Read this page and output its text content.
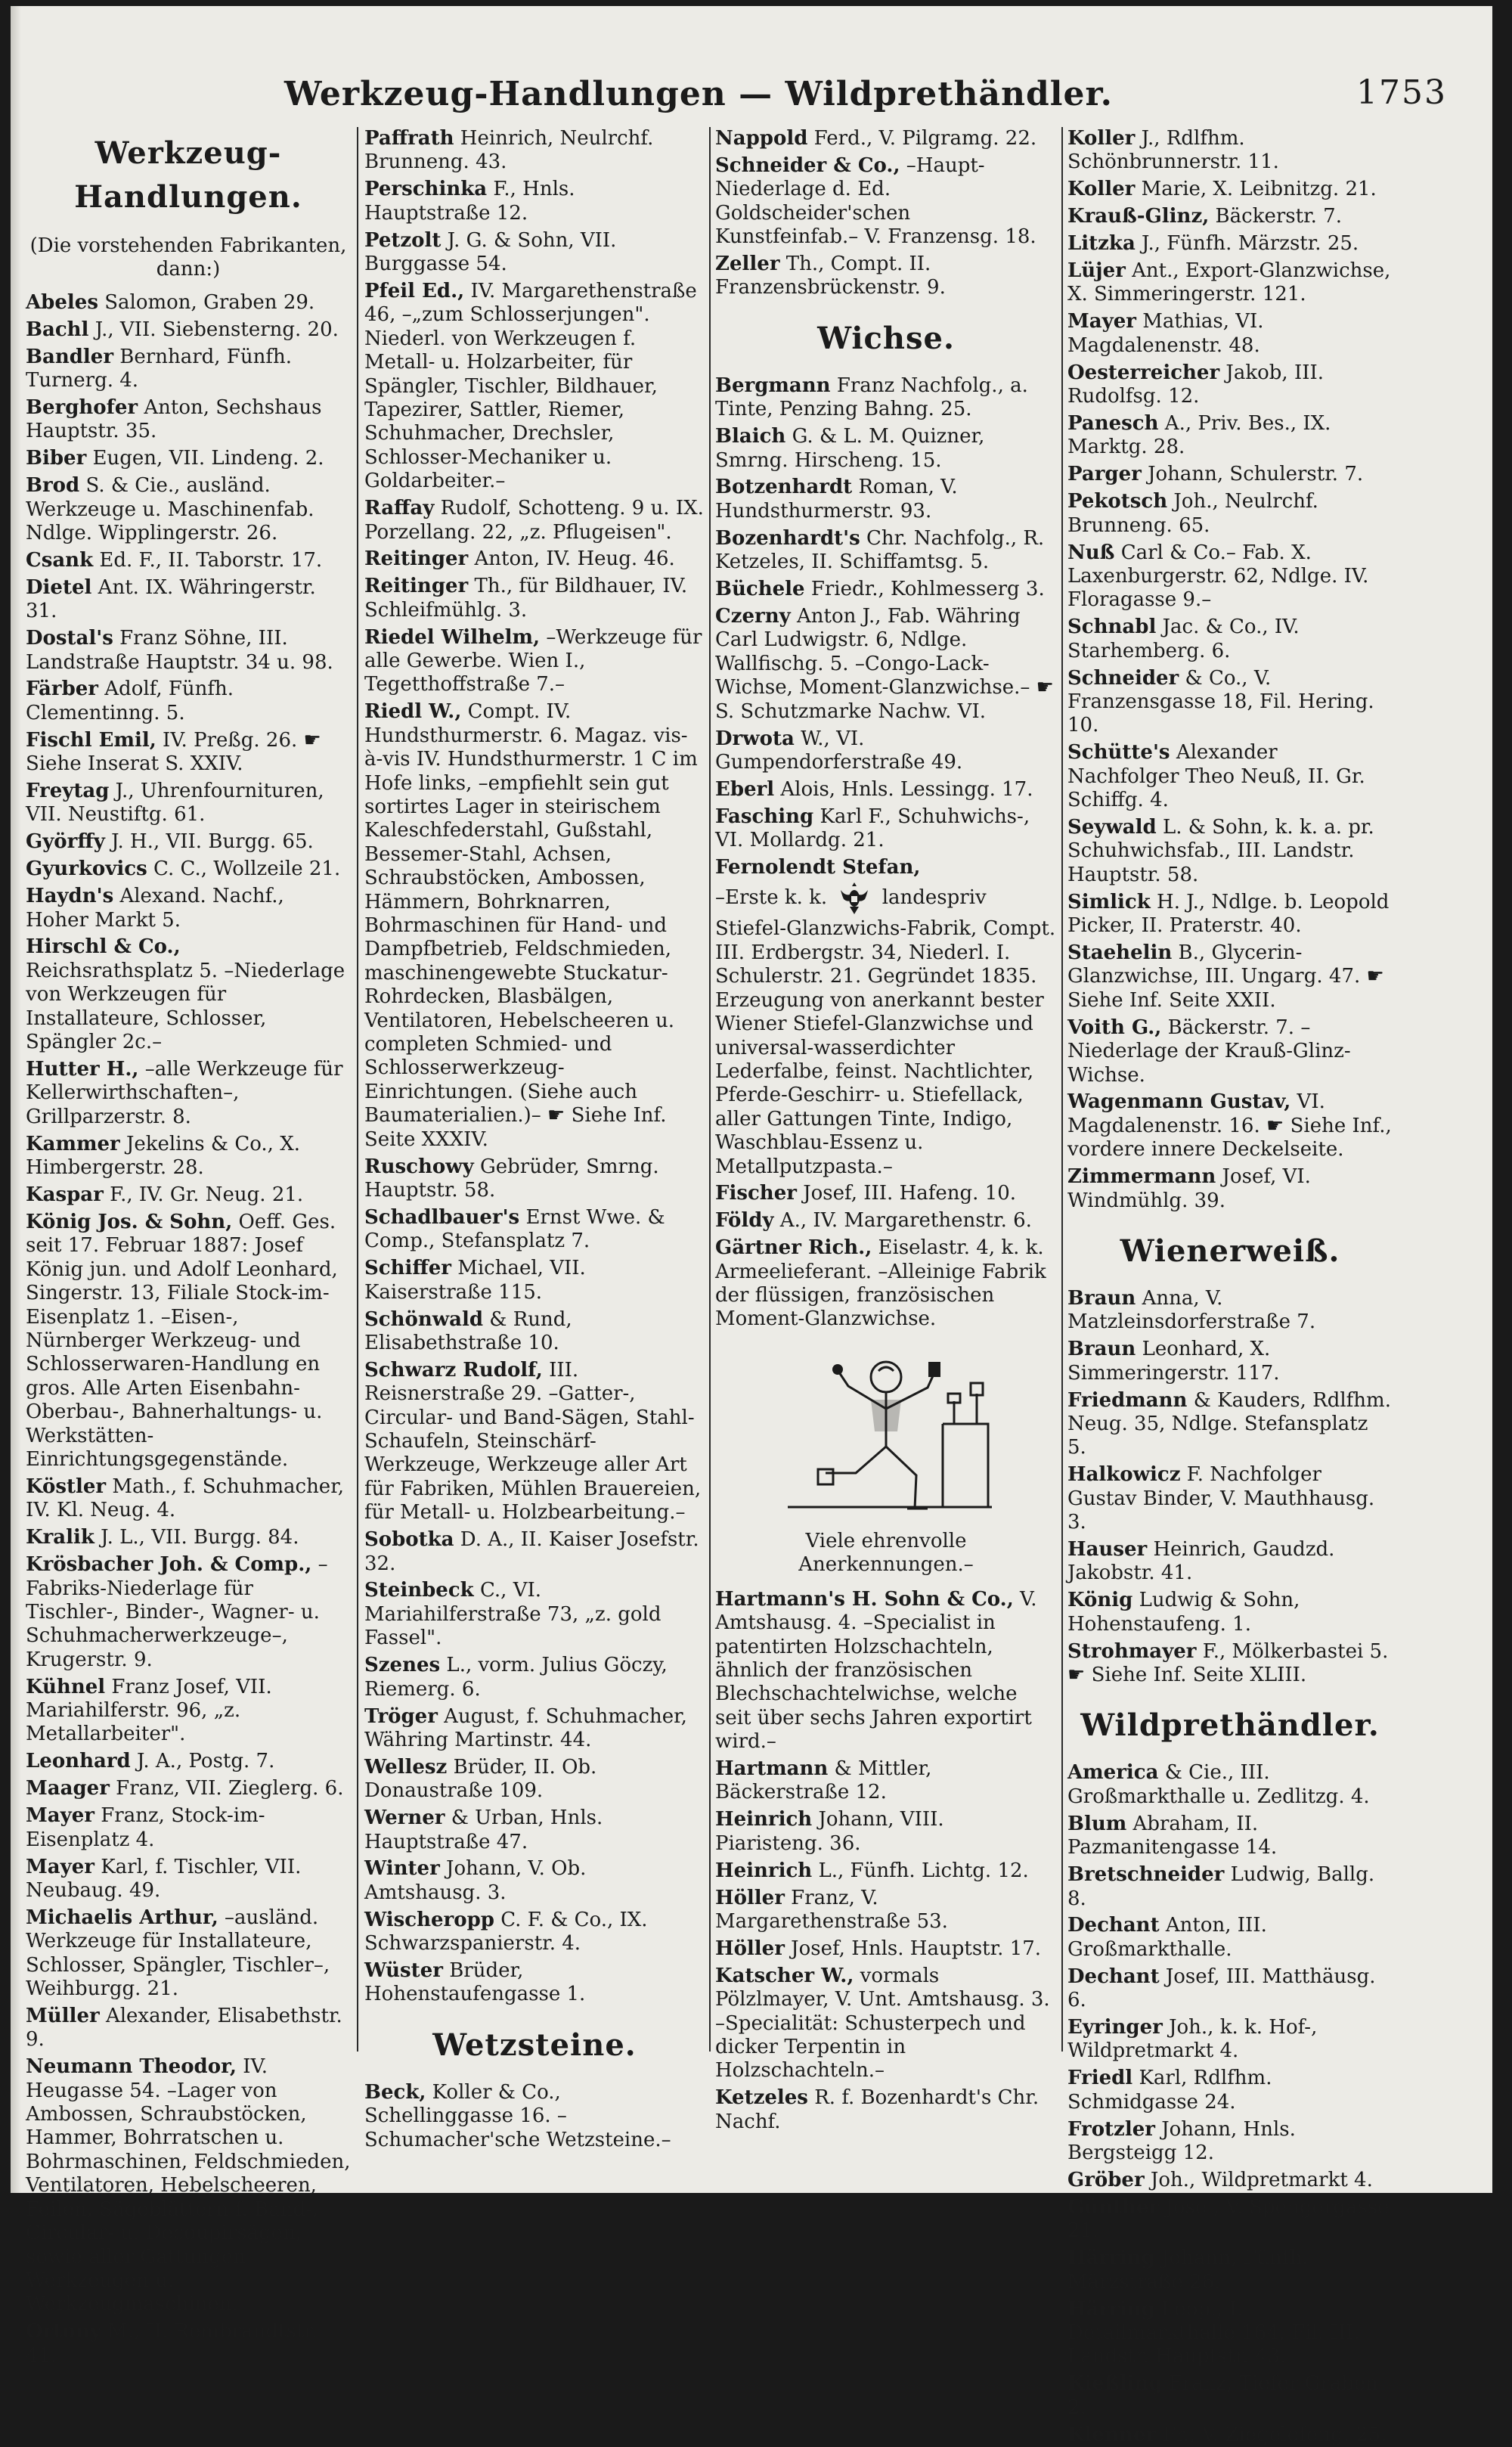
Werkzeug-Handlungen — Wildprethändler.	1753
Werkzeug- Handlungen.
(Die vorstehenden Fabrikanten, dann:)
Abeles Salomon, Graben 29.
Bachl J., VII. Siebensterng. 20.
Bandler Bernhard, Fünfh. Turnerg. 4.
Berghofer Anton, Sechshaus Hauptstr. 35.
Biber Eugen, VII. Lindeng. 2.
Brod S. & Cie., ausländ. Werkzeuge u. Maschinenfab. Ndlge. Wipplingerstr. 26.
Csank Ed. F., II. Taborstr. 17.
Dietel Ant. IX. Währingerstr. 31.
Dostal's Franz Söhne, III. Landstraße Hauptstr. 34 u. 98.
Färber Adolf, Fünfh. Clementinng. 5.
Fischl Emil, IV. Preßg. 26. ☛ Siehe Inserat S. XXIV.
Freytag J., Uhrenfournituren, VII. Neustiftg. 61.
Györffy J. H., VII. Burgg. 65.
Gyurkovics C. C., Wollzeile 21.
Haydn's Alexand. Nachf., Hoher Markt 5.
Hirschl & Co., Reichsrathsplatz 5. –Niederlage von Werkzeugen für Installateure, Schlosser, Spängler 2c.–
Hutter H., –alle Werkzeuge für Kellerwirthschaften–, Grillparzerstr. 8.
Kammer Jekelins & Co., X. Himbergerstr. 28.
Kaspar F., IV. Gr. Neug. 21.
König Jos. & Sohn, Oeff. Ges. seit 17. Februar 1887: Josef König jun. und Adolf Leonhard, Singerstr. 13, Filiale Stock-im-Eisenplatz 1. –Eisen-, Nürnberger Werkzeug- und Schlosserwaren-Handlung en gros. Alle Arten Eisenbahn-Oberbau-, Bahnerhaltungs- u. Werkstätten-Einrichtungsgegenstände.
Köstler Math., f. Schuhmacher, IV. Kl. Neug. 4.
Kralik J. L., VII. Burgg. 84.
Krösbacher Joh. & Comp., –Fabriks-Niederlage für Tischler-, Binder-, Wagner- u. Schuhmacherwerkzeuge–, Krugerstr. 9.
Kühnel Franz Josef, VII. Mariahilferstr. 96, „z. Metallarbeiter".
Leonhard J. A., Postg. 7.
Maager Franz, VII. Zieglerg. 6.
Mayer Franz, Stock-im-Eisenplatz 4.
Mayer Karl, f. Tischler, VII. Neubaug. 49.
Michaelis Arthur, –ausländ. Werkzeuge für Installateure, Schlosser, Spängler, Tischler–, Weihburgg. 21.
Müller Alexander, Elisabethstr. 9.
Neumann Theodor, IV. Heugasse 54. –Lager von Ambossen, Schraubstöcken, Hammer, Bohrratschen u. Bohrmaschinen, Feldschmieden, Ventilatoren, Hebelscheeren, Feilen, Sägeblättern f. Band-, Circular- u. Decoupirsägen, sowie aller Gattungen Werkzeugen u. Werkzeugmaschinen.
Ortony M., II. Rembrandtstr. 41.
Paffrath Heinrich, Neulrchf. Brunneng. 43.
Perschinka F., Hnls. Hauptstraße 12.
Petzolt J. G. & Sohn, VII. Burggasse 54.
Pfeil Ed., IV. Margarethenstraße 46, –„zum Schlosserjungen". Niederl. von Werkzeugen f. Metall- u. Holzarbeiter, für Spängler, Tischler, Bildhauer, Tapezirer, Sattler, Riemer, Schuhmacher, Drechsler, Schlosser-Mechaniker u. Goldarbeiter.–
Raffay Rudolf, Schotteng. 9 u. IX. Porzellang. 22, „z. Pflugeisen".
Reitinger Anton, IV. Heug. 46.
Reitinger Th., für Bildhauer, IV. Schleifmühlg. 3.
Riedel Wilhelm, –Werkzeuge für alle Gewerbe. Wien I., Tegetthoffstraße 7.–
Riedl W., Compt. IV. Hundsthurmerstr. 6. Magaz. vis-à-vis IV. Hundsthurmerstr. 1 C im Hofe links, –empfiehlt sein gut sortirtes Lager in steirischem Kaleschfederstahl, Gußstahl, Bessemer-Stahl, Achsen, Schraubstöcken, Ambossen, Hämmern, Bohrknarren, Bohrmaschinen für Hand- und Dampfbetrieb, Feldschmieden, maschinengewebte Stuckatur-Rohrdecken, Blasbälgen, Ventilatoren, Hebelscheeren u. completen Schmied- und Schlosserwerkzeug-Einrichtungen. (Siehe auch Baumaterialien.)– ☛ Siehe Inf. Seite XXXIV.
Ruschowy Gebrüder, Smrng. Hauptstr. 58.
Schadlbauer's Ernst Wwe. & Comp., Stefansplatz 7.
Schiffer Michael, VII. Kaiserstraße 115.
Schönwald & Rund, Elisabethstraße 10.
Schwarz Rudolf, III. Reisnerstraße 29. –Gatter-, Circular- und Band-Sägen, Stahl-Schaufeln, Steinschärf-Werkzeuge, Werkzeuge aller Art für Fabriken, Mühlen Brauereien, für Metall- u. Holzbearbeitung.–
Sobotka D. A., II. Kaiser Josefstr. 32.
Steinbeck C., VI. Mariahilferstraße 73, „z. gold Fassel".
Szenes L., vorm. Julius Göczy, Riemerg. 6.
Tröger August, f. Schuhmacher, Währing Martinstr. 44.
Wellesz Brüder, II. Ob. Donaustraße 109.
Werner & Urban, Hnls. Hauptstraße 47.
Winter Johann, V. Ob. Amtshausg. 3.
Wischeropp C. F. & Co., IX. Schwarzspanierstr. 4.
Wüster Brüder, Hohenstaufengasse 1.
Wetzsteine.
Beck, Koller & Co., Schellinggasse 16. – Schumacher'sche Wetzsteine.–
Nappold Ferd., V. Pilgramg. 22.
Schneider & Co., –Haupt-Niederlage d. Ed. Goldscheider'schen Kunstfeinfab.– V. Franzensg. 18.
Zeller Th., Compt. II. Franzensbrückenstr. 9.
Wichse.
Bergmann Franz Nachfolg., a. Tinte, Penzing Bahng. 25.
Blaich G. & L. M. Quizner, Smrng. Hirscheng. 15.
Botzenhardt Roman, V. Hundsthurmerstr. 93.
Bozenhardt's Chr. Nachfolg., R. Ketzeles, II. Schiffamtsg. 5.
Büchele Friedr., Kohlmesserg 3.
Czerny Anton J., Fab. Währing Carl Ludwigstr. 6, Ndlge. Wallfischg. 5. –Congo-Lack-Wichse, Moment-Glanzwichse.– ☛ S. Schutzmarke Nachw. VI.
Drwota W., VI. Gumpendorferstraße 49.
Eberl Alois, Hnls. Lessingg. 17.
Fasching Karl F., Schuhwichs-, VI. Mollardg. 21.
Fernolendt Stefan,
–Erste k. k.	landespriv
Stiefel-Glanzwichs-Fabrik, Compt. III. Erdbergstr. 34, Niederl. I. Schulerstr. 21. Gegründet 1835. Erzeugung von anerkannt bester Wiener Stiefel-Glanzwichse und universal-wasserdichter Lederfalbe, feinst. Nachtlichter, Pferde-Geschirr- u. Stiefellack, aller Gattungen Tinte, Indigo, Waschblau-Essenz u. Metallputzpasta.–
Fischer Josef, III. Hafeng. 10.
Földy A., IV. Margarethenstr. 6.
Gärtner Rich., Eiselastr. 4, k. k. Armeelieferant. –Alleinige Fabrik der flüssigen, französischen Moment-Glanzwichse.
Viele ehrenvolle Anerkennungen.–
Hartmann's H. Sohn & Co., V. Amtshausg. 4. –Specialist in patentirten Holzschachteln, ähnlich der französischen Blechschachtelwichse, welche seit über sechs Jahren exportirt wird.–
Hartmann & Mittler, Bäckerstraße 12.
Heinrich Johann, VIII. Piaristeng. 36.
Heinrich L., Fünfh. Lichtg. 12.
Höller Franz, V. Margarethenstraße 53.
Höller Josef, Hnls. Hauptstr. 17.
Katscher W., vormals Pölzlmayer, V. Unt. Amtshausg. 3. –Specialität: Schusterpech und dicker Terpentin in Holzschachteln.–
Ketzeles R. f. Bozenhardt's Chr. Nachf.
Koller J., Rdlfhm. Schönbrunnerstr. 11.
Koller Marie, X. Leibnitzg. 21.
Krauß-Glinz, Bäckerstr. 7.
Litzka J., Fünfh. Märzstr. 25.
Lüjer Ant., Export-Glanzwichse, X. Simmeringerstr. 121.
Mayer Mathias, VI. Magdalenenstr. 48.
Oesterreicher Jakob, III. Rudolfsg. 12.
Panesch A., Priv. Bes., IX. Marktg. 28.
Parger Johann, Schulerstr. 7.
Pekotsch Joh., Neulrchf. Brunneng. 65.
Nuß Carl & Co.– Fab. X. Laxenburgerstr. 62, Ndlge. IV. Floragasse 9.–
Schnabl Jac. & Co., IV. Starhemberg. 6.
Schneider & Co., V. Franzensgasse 18, Fil. Hering. 10.
Schütte's Alexander Nachfolger Theo Neuß, II. Gr. Schiffg. 4.
Seywald L. & Sohn, k. k. a. pr. Schuhwichsfab., III. Landstr. Hauptstr. 58.
Simlick H. J., Ndlge. b. Leopold Picker, II. Praterstr. 40.
Staehelin B., Glycerin-Glanzwichse, III. Ungarg. 47. ☛ Siehe Inf. Seite XXII.
Voith G., Bäckerstr. 7. –Niederlage der Krauß-Glinz-Wichse.
Wagenmann Gustav, VI. Magdalenenstr. 16. ☛ Siehe Inf., vordere innere Deckelseite.
Zimmermann Josef, VI. Windmühlg. 39.
Wienerweiß.
Braun Anna, V. Matzleinsdorferstraße 7.
Braun Leonhard, X. Simmeringerstr. 117.
Friedmann & Kauders, Rdlfhm. Neug. 35, Ndlge. Stefansplatz 5.
Halkowicz F. Nachfolger Gustav Binder, V. Mauthhausg. 3.
Hauser Heinrich, Gaudzd. Jakobstr. 41.
König Ludwig & Sohn, Hohenstaufeng. 1.
Strohmayer F., Mölkerbastei 5. ☛ Siehe Inf. Seite XLIII.
Wildprethändler.
America & Cie., III. Großmarkthalle u. Zedlitzg. 4.
Blum Abraham, II. Pazmanitengasse 14.
Bretschneider Ludwig, Ballg. 8.
Dechant Anton, III. Großmarkthalle.
Dechant Josef, III. Matthäusg. 6.
Eyringer Joh., k. k. Hof-, Wildpretmarkt 4.
Friedl Karl, Rdlfhm. Schmidgasse 24.
Frotzler Johann, Hnls. Bergsteigg 12.
Gröber Joh., Wildpretmarkt 4.
Günther Josef, V. Spengergasse 21.
Härring Johann, Fünfh. Märzstraße 26.
Härring Leop., I. Detailmarkthalle 164, Fil. III. Landstr. Hauptstr. 43.
Kießling Franz, Tiefer Graben 2.
Klenner Fr., V. Ziegelofeng. 25.
